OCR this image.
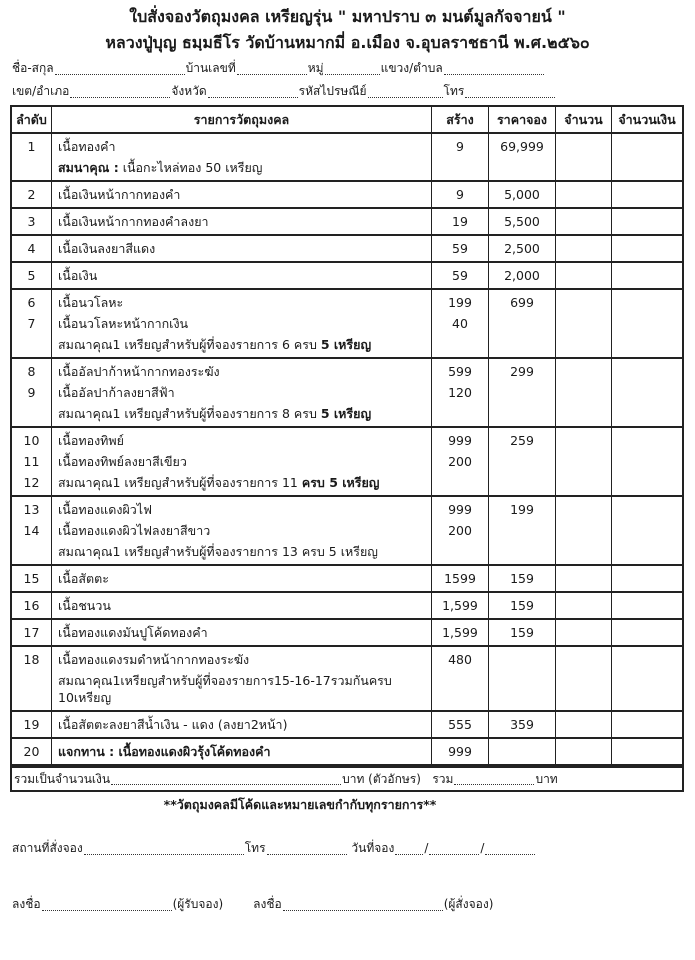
ใบสั่งจองวัตถุมงคล เหรียญรุ่น " มหาปราบ ๓ มนต์มูลกัจจายน์ "
หลวงปู่บุญ ธมฺมธีโร วัดบ้านหมากมี่ อ.เมือง จ.อุบลราชธานี พ.ศ.๒๕๖๐
ชื่อ-สกุล	บ้านเลขที่	หมู่	แขวง/ตำบล
เขต/อำเภอ	จังหวัด	รหัสไปรษณีย์	โทร
ลำดับ	รายการวัตถุมงคล	สร้าง	ราคาจอง	จำนวน	จำนวนเงิน
1	เนื้อทองคำ	9	69,999
สมนาคุณ : เนื้อกะไหล่ทอง 50 เหรียญ
2	เนื้อเงินหน้ากากทองคำ	9	5,000
3	เนื้อเงินหน้ากากทองคำลงยา	19	5,500
4	เนื้อเงินลงยาสีแดง	59	2,500
5	เนื้อเงิน	59	2,000
6	เนื้อนวโลหะ	199	699
7	เนื้อนวโลหะหน้ากากเงิน	40
สมณาคุณ1 เหรียญสำหรับผู้ที่จองรายการ 6 ครบ 5 เหรียญ
8	เนื้ออัลปาก้าหน้ากากทองระฆัง	599	299
9	เนื้ออัลปาก้าลงยาสีฟ้า	120
สมณาคุณ1 เหรียญสำหรับผู้ที่จองรายการ 8 ครบ 5 เหรียญ
10	เนื้อทองทิพย์	999	259
11	เนื้อทองทิพย์ลงยาสีเขียว	200
12	สมณาคุณ1 เหรียญสำหรับผู้ที่จองรายการ 11 ครบ 5 เหรียญ
13	เนื้อทองแดงผิวไฟ	999	199
14	เนื้อทองแดงผิวไฟลงยาสีขาว	200
สมณาคุณ1 เหรียญสำหรับผู้ที่จองรายการ 13 ครบ 5 เหรียญ
15	เนื้อสัตตะ	1599	159
16	เนื้อชนวน	1,599	159
17	เนื้อทองแดงมันปูโค้ดทองคำ	1,599	159
18	เนื้อทองแดงรมดำหน้ากากทองระฆัง	480
สมณาคุณ1เหรียญสำหรับผู้ที่จองรายการ15-16-17รวมกันครบ 10เหรียญ
19	เนื้อสัตตะลงยาสีน้ำเงิน - แดง (ลงยา2หน้า)	555	359
20	แจกทาน : เนื้อทองแดงผิวรุ้งโค้ดทองคำ	999
รวมเป็นจำนวนเงิน	บาท (ตัวอักษร)
รวม	บาท
**วัตถุมงคลมีโค้ดและหมายเลขกำกับทุกรายการ**
สถานที่สั่งจอง	โทร
	วันที่จอง	/	/
ลงชื่อ	(ผู้รับจอง)	ลงชื่อ	(ผู้สั่งจอง)
